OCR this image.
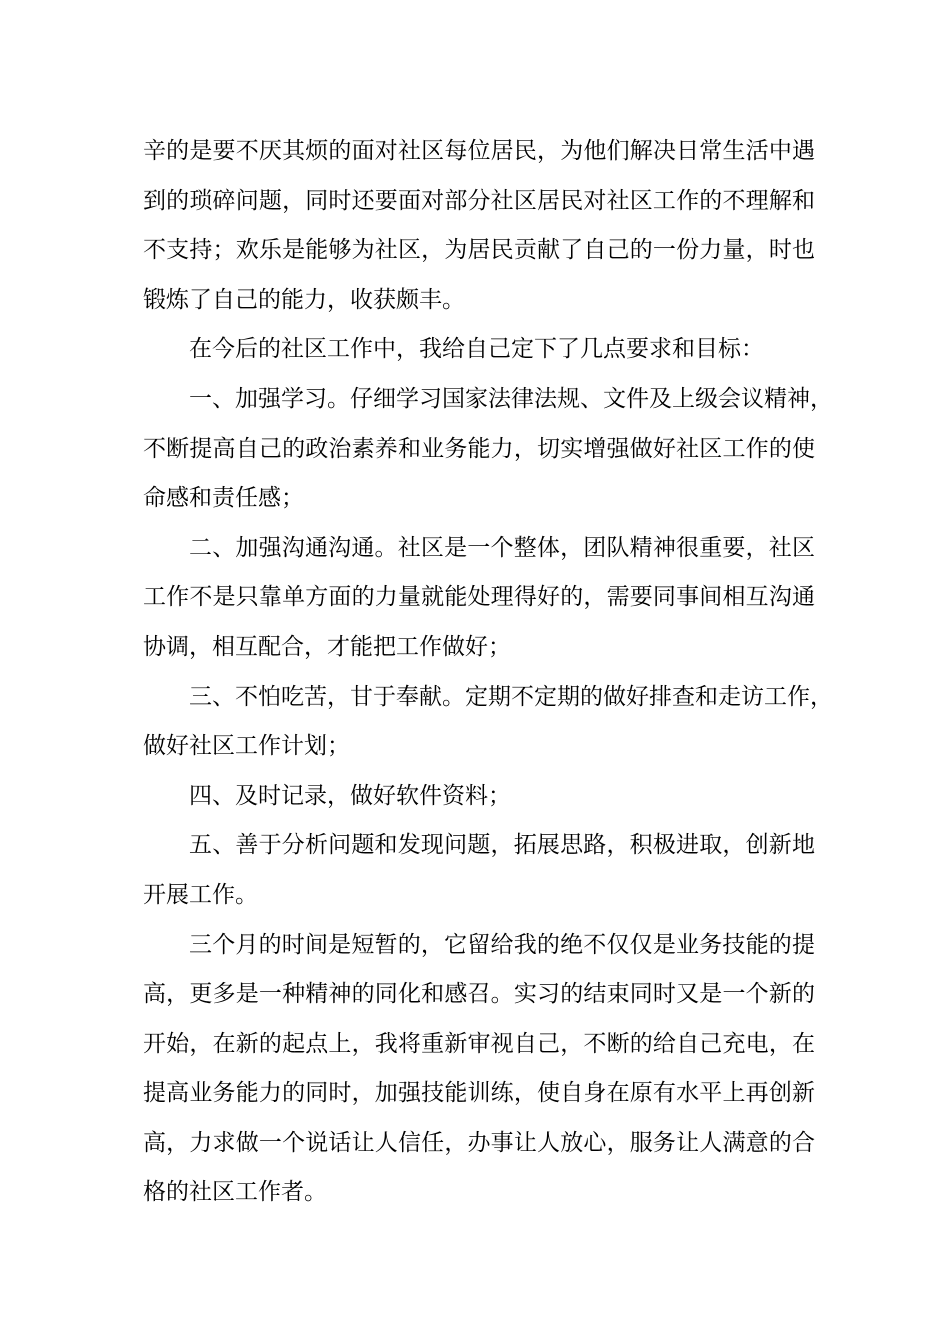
辛的是要不厌其烦的面对社区每位居民，为他们解决日常生活中遇
到的琐碎问题，同时还要面对部分社区居民对社区工作的不理解和
不支持；欢乐是能够为社区，为居民贡献了自己的一份力量，时也
锻炼了自己的能力，收获颇丰。
在今后的社区工作中，我给自己定下了几点要求和目标：
一、加强学习。仔细学习国家法律法规、文件及上级会议精神，
不断提高自己的政治素养和业务能力，切实增强做好社区工作的使
命感和责任感；
二、加强沟通沟通。社区是一个整体，团队精神很重要，社区
工作不是只靠单方面的力量就能处理得好的，需要同事间相互沟通
协调，相互配合，才能把工作做好；
三、不怕吃苦，甘于奉献。定期不定期的做好排查和走访工作，
做好社区工作计划；
四、及时记录，做好软件资料；
五、善于分析问题和发现问题，拓展思路，积极进取，创新地
开展工作。
三个月的时间是短暂的，它留给我的绝不仅仅是业务技能的提
高，更多是一种精神的同化和感召。实习的结束同时又是一个新的
开始，在新的起点上，我将重新审视自己，不断的给自己充电，在
提高业务能力的同时，加强技能训练，使自身在原有水平上再创新
高，力求做一个说话让人信任，办事让人放心，服务让人满意的合
格的社区工作者。
